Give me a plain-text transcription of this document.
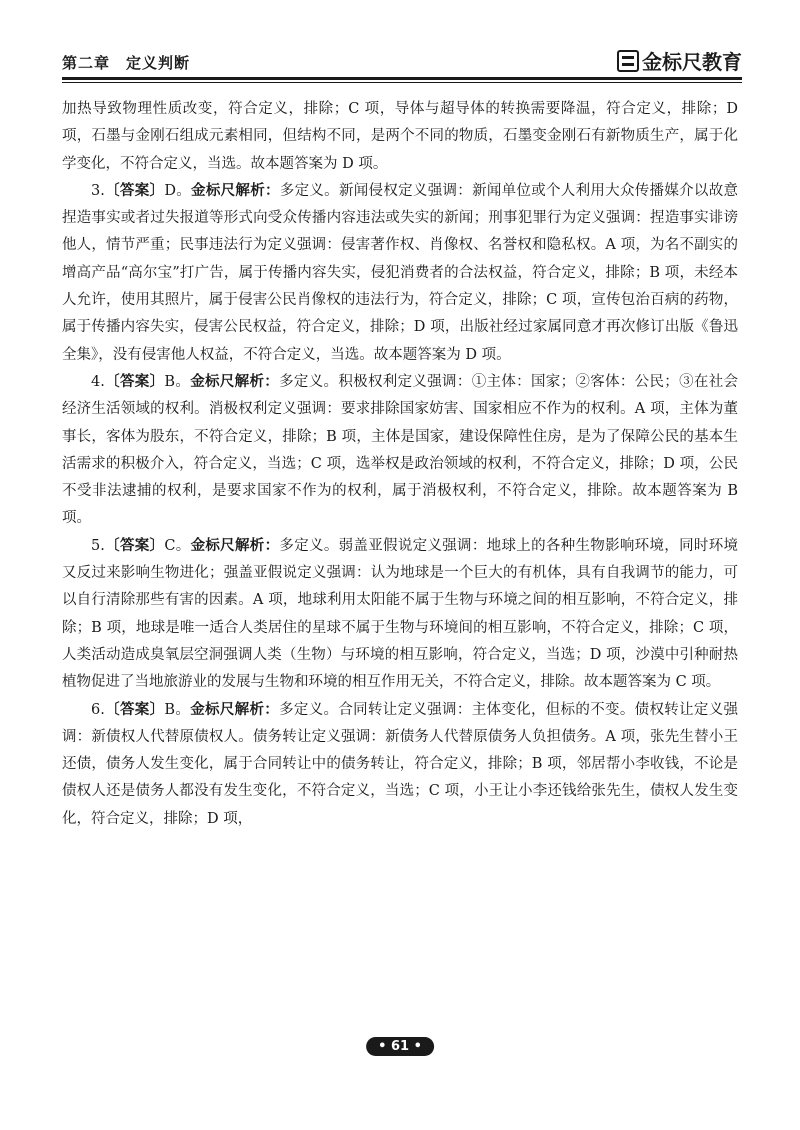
第二章　定义判断	金标尺教育

加热导致物理性质改变，符合定义，排除；C 项，导体与超导体的转换需要降温，符合定义，排除；D 项，石墨与金刚石组成元素相同，但结构不同，是两个不同的物质，石墨变金刚石有新物质生产，属于化学变化，不符合定义，当选。故本题答案为 D 项。

3.〔答案〕D。金标尺解析：多定义。新闻侵权定义强调：新闻单位或个人利用大众传播媒介以故意捏造事实或者过失报道等形式向受众传播内容违法或失实的新闻；刑事犯罪行为定义强调：捏造事实诽谤他人，情节严重；民事违法行为定义强调：侵害著作权、肖像权、名誉权和隐私权。A 项，为名不副实的增高产品“高尔宝”打广告，属于传播内容失实，侵犯消费者的合法权益，符合定义，排除；B 项，未经本人允许，使用其照片，属于侵害公民肖像权的违法行为，符合定义，排除；C 项，宣传包治百病的药物，属于传播内容失实，侵害公民权益，符合定义，排除；D 项，出版社经过家属同意才再次修订出版《鲁迅全集》，没有侵害他人权益，不符合定义，当选。故本题答案为 D 项。

4.〔答案〕B。金标尺解析：多定义。积极权利定义强调：①主体：国家；②客体：公民；③在社会经济生活领域的权利。消极权利定义强调：要求排除国家妨害、国家相应不作为的权利。A 项，主体为董事长，客体为股东，不符合定义，排除；B 项，主体是国家，建设保障性住房，是为了保障公民的基本生活需求的积极介入，符合定义，当选；C 项，选举权是政治领域的权利，不符合定义，排除；D 项，公民不受非法逮捕的权利，是要求国家不作为的权利，属于消极权利，不符合定义，排除。故本题答案为 B 项。

5.〔答案〕C。金标尺解析：多定义。弱盖亚假说定义强调：地球上的各种生物影响环境，同时环境又反过来影响生物进化；强盖亚假说定义强调：认为地球是一个巨大的有机体，具有自我调节的能力，可以自行清除那些有害的因素。A 项，地球利用太阳能不属于生物与环境之间的相互影响，不符合定义，排除；B 项，地球是唯一适合人类居住的星球不属于生物与环境间的相互影响，不符合定义，排除；C 项，人类活动造成臭氧层空洞强调人类（生物）与环境的相互影响，符合定义，当选；D 项，沙漠中引种耐热植物促进了当地旅游业的发展与生物和环境的相互作用无关，不符合定义，排除。故本题答案为 C 项。

6.〔答案〕B。金标尺解析：多定义。合同转让定义强调：主体变化，但标的不变。债权转让定义强调：新债权人代替原债权人。债务转让定义强调：新债务人代替原债务人负担债务。A 项，张先生替小王还债，债务人发生变化，属于合同转让中的债务转让，符合定义，排除；B 项，邻居帮小李收钱，不论是债权人还是债务人都没有发生变化，不符合定义，当选；C 项，小王让小李还钱给张先生，债权人发生变化，符合定义，排除；D 项，

• 61 •
